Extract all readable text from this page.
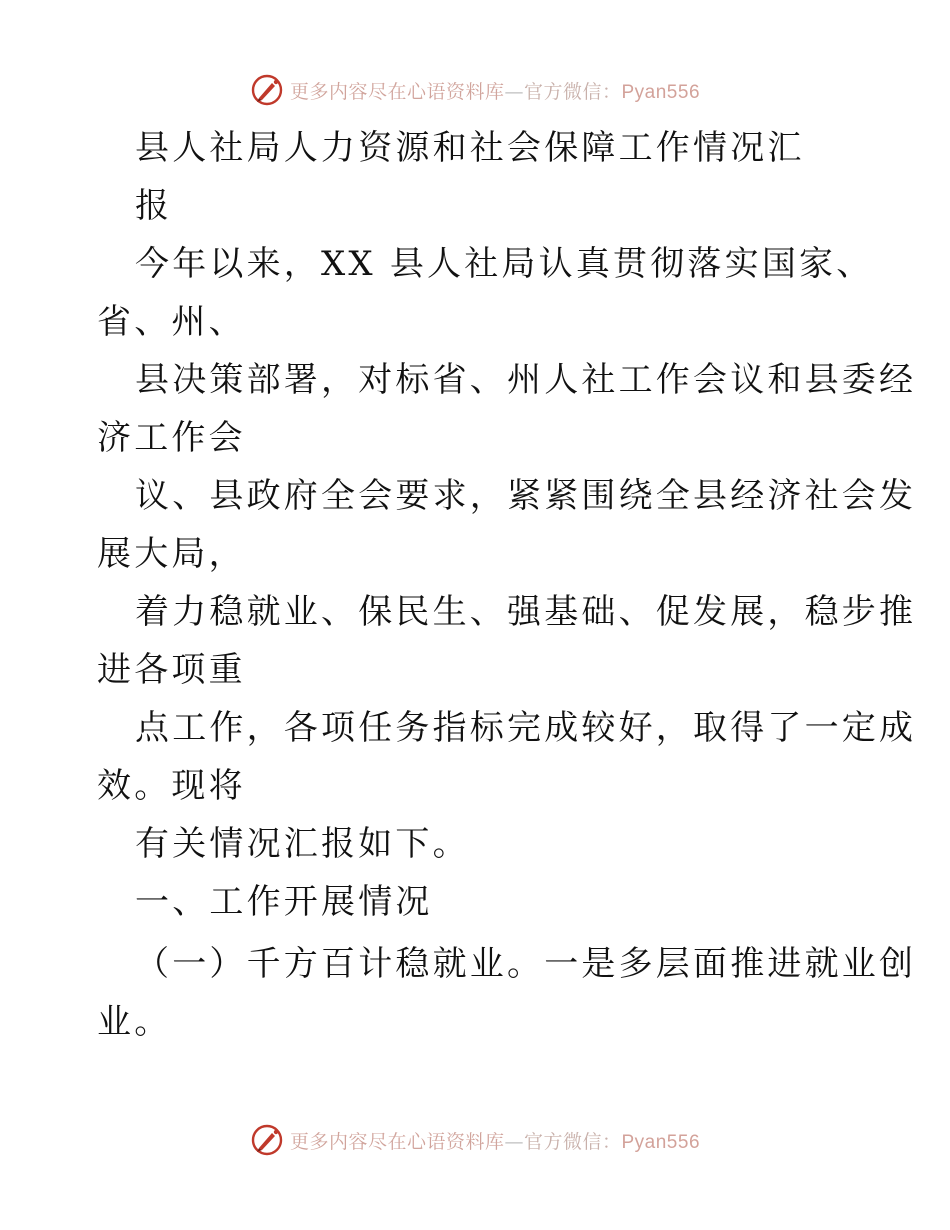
更多内容尽在心语资料库—官方微信：Pyan556
县人社局人力资源和社会保障工作情况汇
报
今年以来，XX 县人社局认真贯彻落实国家、
省、州、
县决策部署，对标省、州人社工作会议和县委经
济工作会
议、县政府全会要求，紧紧围绕全县经济社会发
展大局，
着力稳就业、保民生、强基础、促发展，稳步推
进各项重
点工作，各项任务指标完成较好，取得了一定成
效。现将
有关情况汇报如下。
一、工作开展情况
（一）千方百计稳就业。一是多层面推进就业创
业。
更多内容尽在心语资料库—官方微信：Pyan556
